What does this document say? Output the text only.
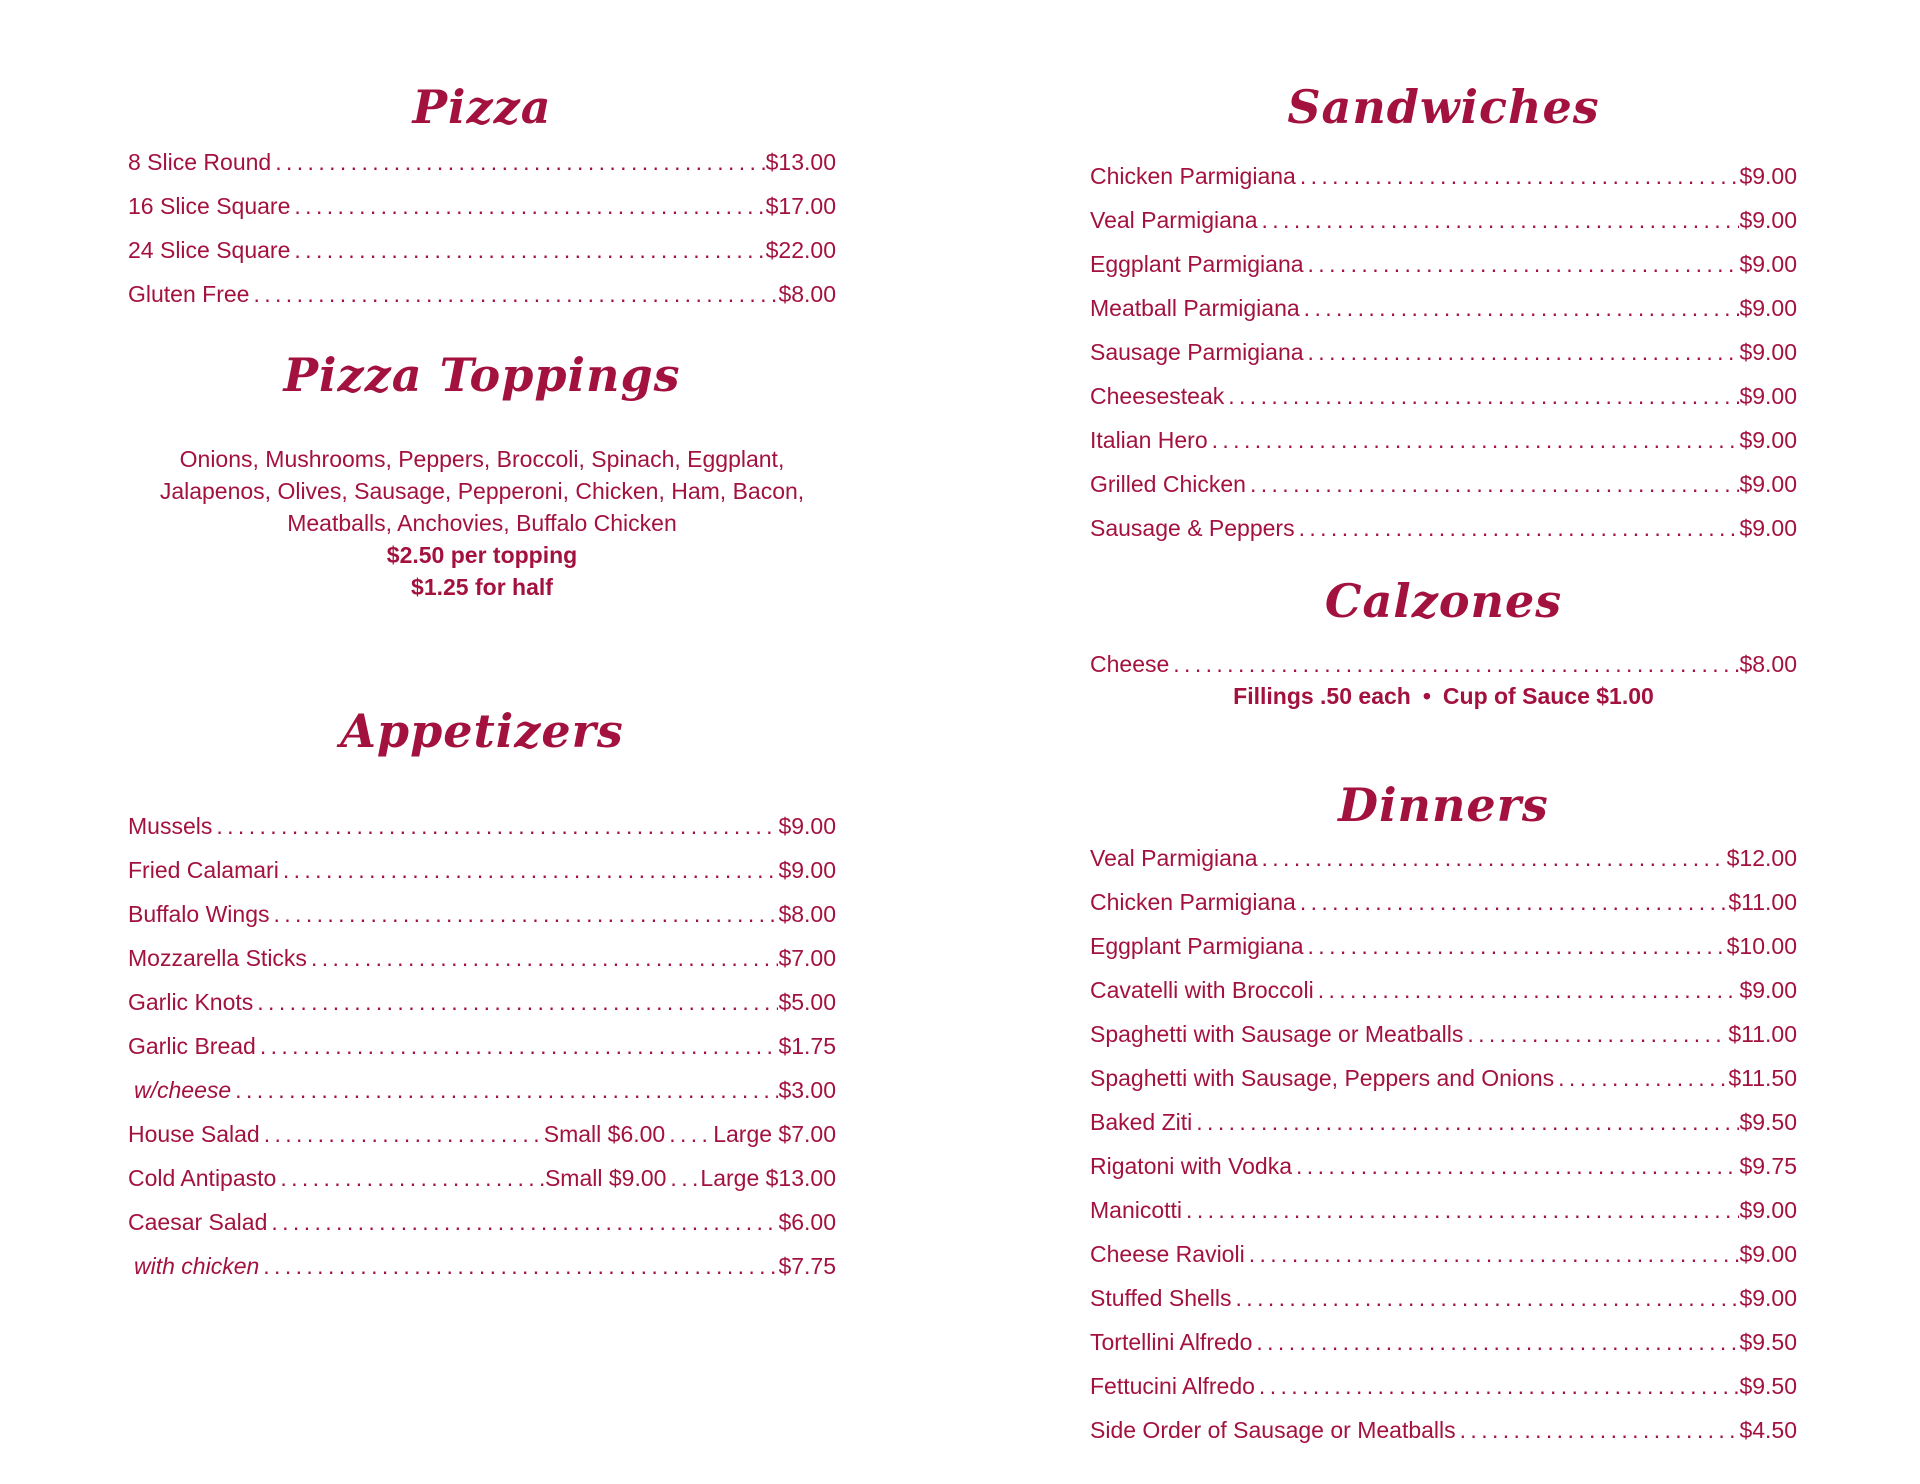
Pizza
8 Slice Round . . .	$13.00
16 Slice Square . . .	$17.00
24 Slice Square . . .	$22.00
Gluten Free . . .	$8.00
Pizza Toppings
Onions, Mushrooms, Peppers, Broccoli, Spinach, Eggplant,
Jalapenos, Olives, Sausage, Pepperoni, Chicken, Ham, Bacon,
Meatballs, Anchovies, Buffalo Chicken
$2.50 per topping
$1.25 for half
Appetizers
Mussels . . .	$9.00
Fried Calamari . . .	$9.00
Buffalo Wings . . .	$8.00
Mozzarella Sticks . . .	$7.00
Garlic Knots . . .	$5.00
Garlic Bread . . .	$1.75
w/cheese . . .	$3.00
House Salad . . .	Small $6.00 . . . Large $7.00
Cold Antipasto . . .	Small $9.00 . . . Large $13.00
Caesar Salad . . .	$6.00
with chicken . . .	$7.75
Sandwiches
Chicken Parmigiana . . .	$9.00
Veal Parmigiana . . .	$9.00
Eggplant Parmigiana . . .	$9.00
Meatball Parmigiana . . .	$9.00
Sausage Parmigiana . . .	$9.00
Cheesesteak . . .	$9.00
Italian Hero . . .	$9.00
Grilled Chicken . . .	$9.00
Sausage & Peppers . . .	$9.00
Calzones
Cheese . . .	$8.00
Fillings .50 each • Cup of Sauce $1.00
Dinners
Veal Parmigiana . . .	$12.00
Chicken Parmigiana . . .	$11.00
Eggplant Parmigiana . . .	$10.00
Cavatelli with Broccoli . . .	$9.00
Spaghetti with Sausage or Meatballs . . .	$11.00
Spaghetti with Sausage, Peppers and Onions . . .	$11.50
Baked Ziti . . .	$9.50
Rigatoni with Vodka . . .	$9.75
Manicotti . . .	$9.00
Cheese Ravioli . . .	$9.00
Stuffed Shells . . .	$9.00
Tortellini Alfredo . . .	$9.50
Fettucini Alfredo . . .	$9.50
Side Order of Sausage or Meatballs . . .	$4.50
